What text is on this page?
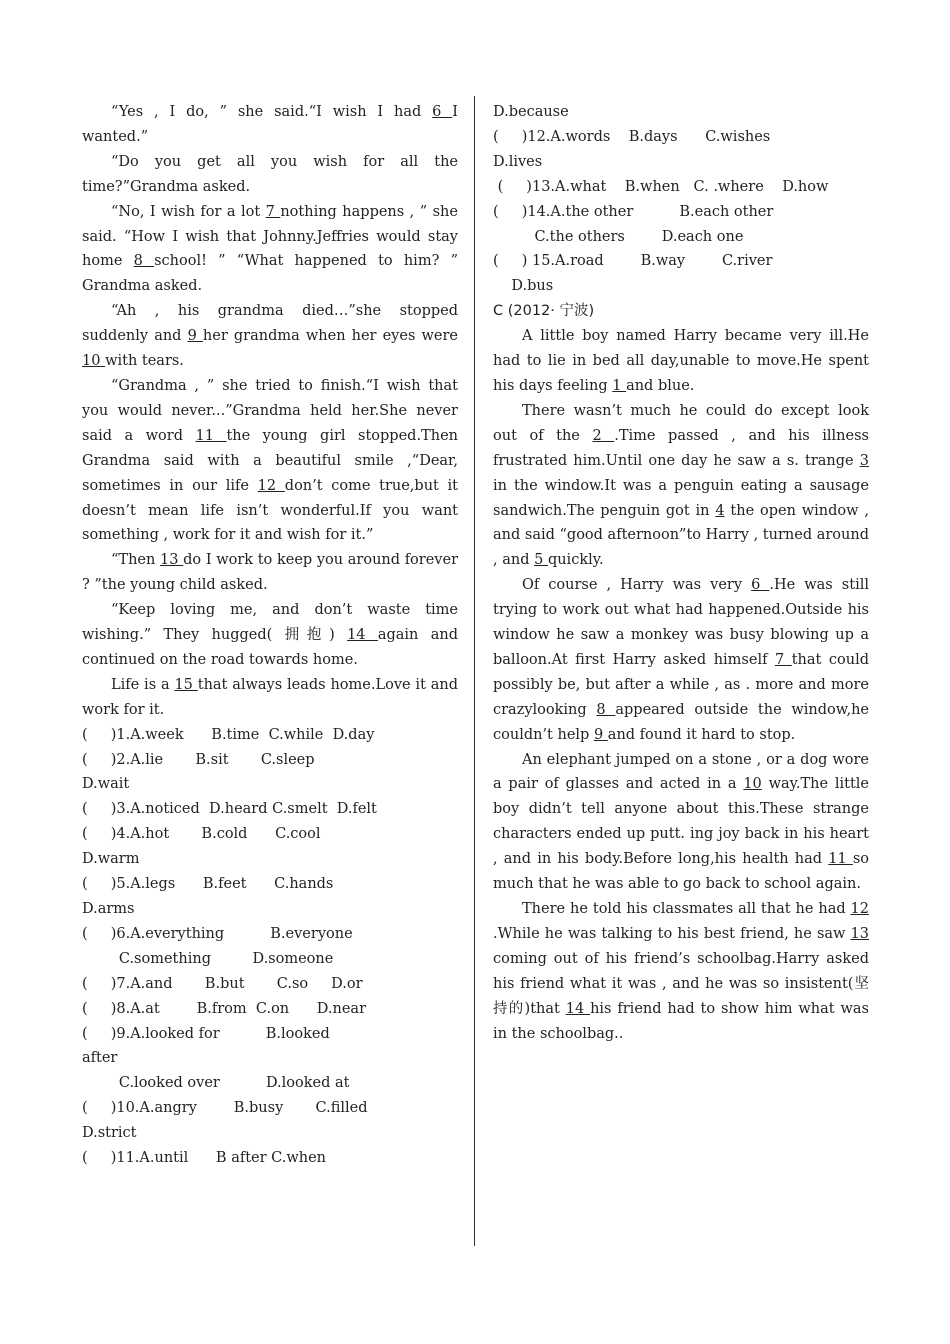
“Yes , I do, ” she said.“I wish I had 6 I wanted.”

“Do you get all you wish for all the time?”Grandma asked.

“No, I wish for a lot 7 nothing happens , ” she said. “How I wish that Johnny.Jeffries would stay home 8 school! ” “What happened to him? ” Grandma asked.

“Ah , his grandma died…”she stopped suddenly and 9 her grandma when her eyes were 10 with tears.

“Grandma , ” she tried to finish.“I wish that you would never...”Grandma held her.She never said a word 11 the young girl stopped.Then Grandma said with a beautiful smile ,“Dear, sometimes in our life 12 don’t come true,but it doesn’t mean life isn’t wonderful.If you want something , work for it and wish for it.”

“Then 13 do I work to keep you around forever ? ”the young child asked.

“Keep loving me, and don’t waste time wishing.” They hugged( 拥抱) 14 again and continued on the road towards home.

Life is a 15 that always leads home.Love it and work for it.

(     )1.A.week      B.time  C.while  D.day

(     )2.A.lie       B.sit       C.sleep

D.wait

(     )3.A.noticed  D.heard C.smelt  D.felt

(     )4.A.hot       B.cold      C.cool

D.warm

(     )5.A.legs      B.feet      C.hands

D.arms

(     )6.A.everything          B.everyone

C.something         D.someone

(     )7.A.and       B.but       C.so     D.or

(     )8.A.at        B.from  C.on      D.near

(     )9.A.looked for          B.looked

after

C.looked over          D.looked at

(     )10.A.angry        B.busy       C.filled

D.strict

(     )11.A.until      B after C.when

D.because

(     )12.A.words    B.days      C.wishes

D.lives

(     )13.A.what    B.when   C. .where    D.how

(     )14.A.the other          B.each other

C.the others        D.each one

(     ) 15.A.road        B.way        C.river

D.bus

C (2012· 宁波)

A little boy named Harry became very ill.He had to lie in bed all day,unable to move.He spent his days feeling 1 and blue.

There wasn’t much he could do except look out of the 2 .Time passed , and his illness frustrated him.Until one day he saw a s. trange 3 in the window.It was a penguin eating a sausage sandwich.The penguin got in 4 the open window , and said “good afternoon”to Harry , turned around , and 5 quickly.

Of course , Harry was very 6 .He was still trying to work out what had happened.Outside his window he saw a monkey was busy blowing up a balloon.At first Harry asked himself 7 that could possibly be, but after a while , as . more and more crazylooking 8 appeared outside the window,he couldn’t help 9 and found it hard to stop.

An elephant jumped on a stone , or a dog wore a pair of glasses and acted in a 10 way.The little boy didn’t tell anyone about this.These strange characters ended up putt. ing joy back in his heart , and in his body.Before long,his health had 11 so much that he was able to go back to school again.

There he told his classmates all that he had 12 .While he was talking to his best friend, he saw 13 coming out of his friend’s schoolbag.Harry asked his friend what it was , and he was so insistent(坚持的)that 14 his friend had to show him what was in the schoolbag..
